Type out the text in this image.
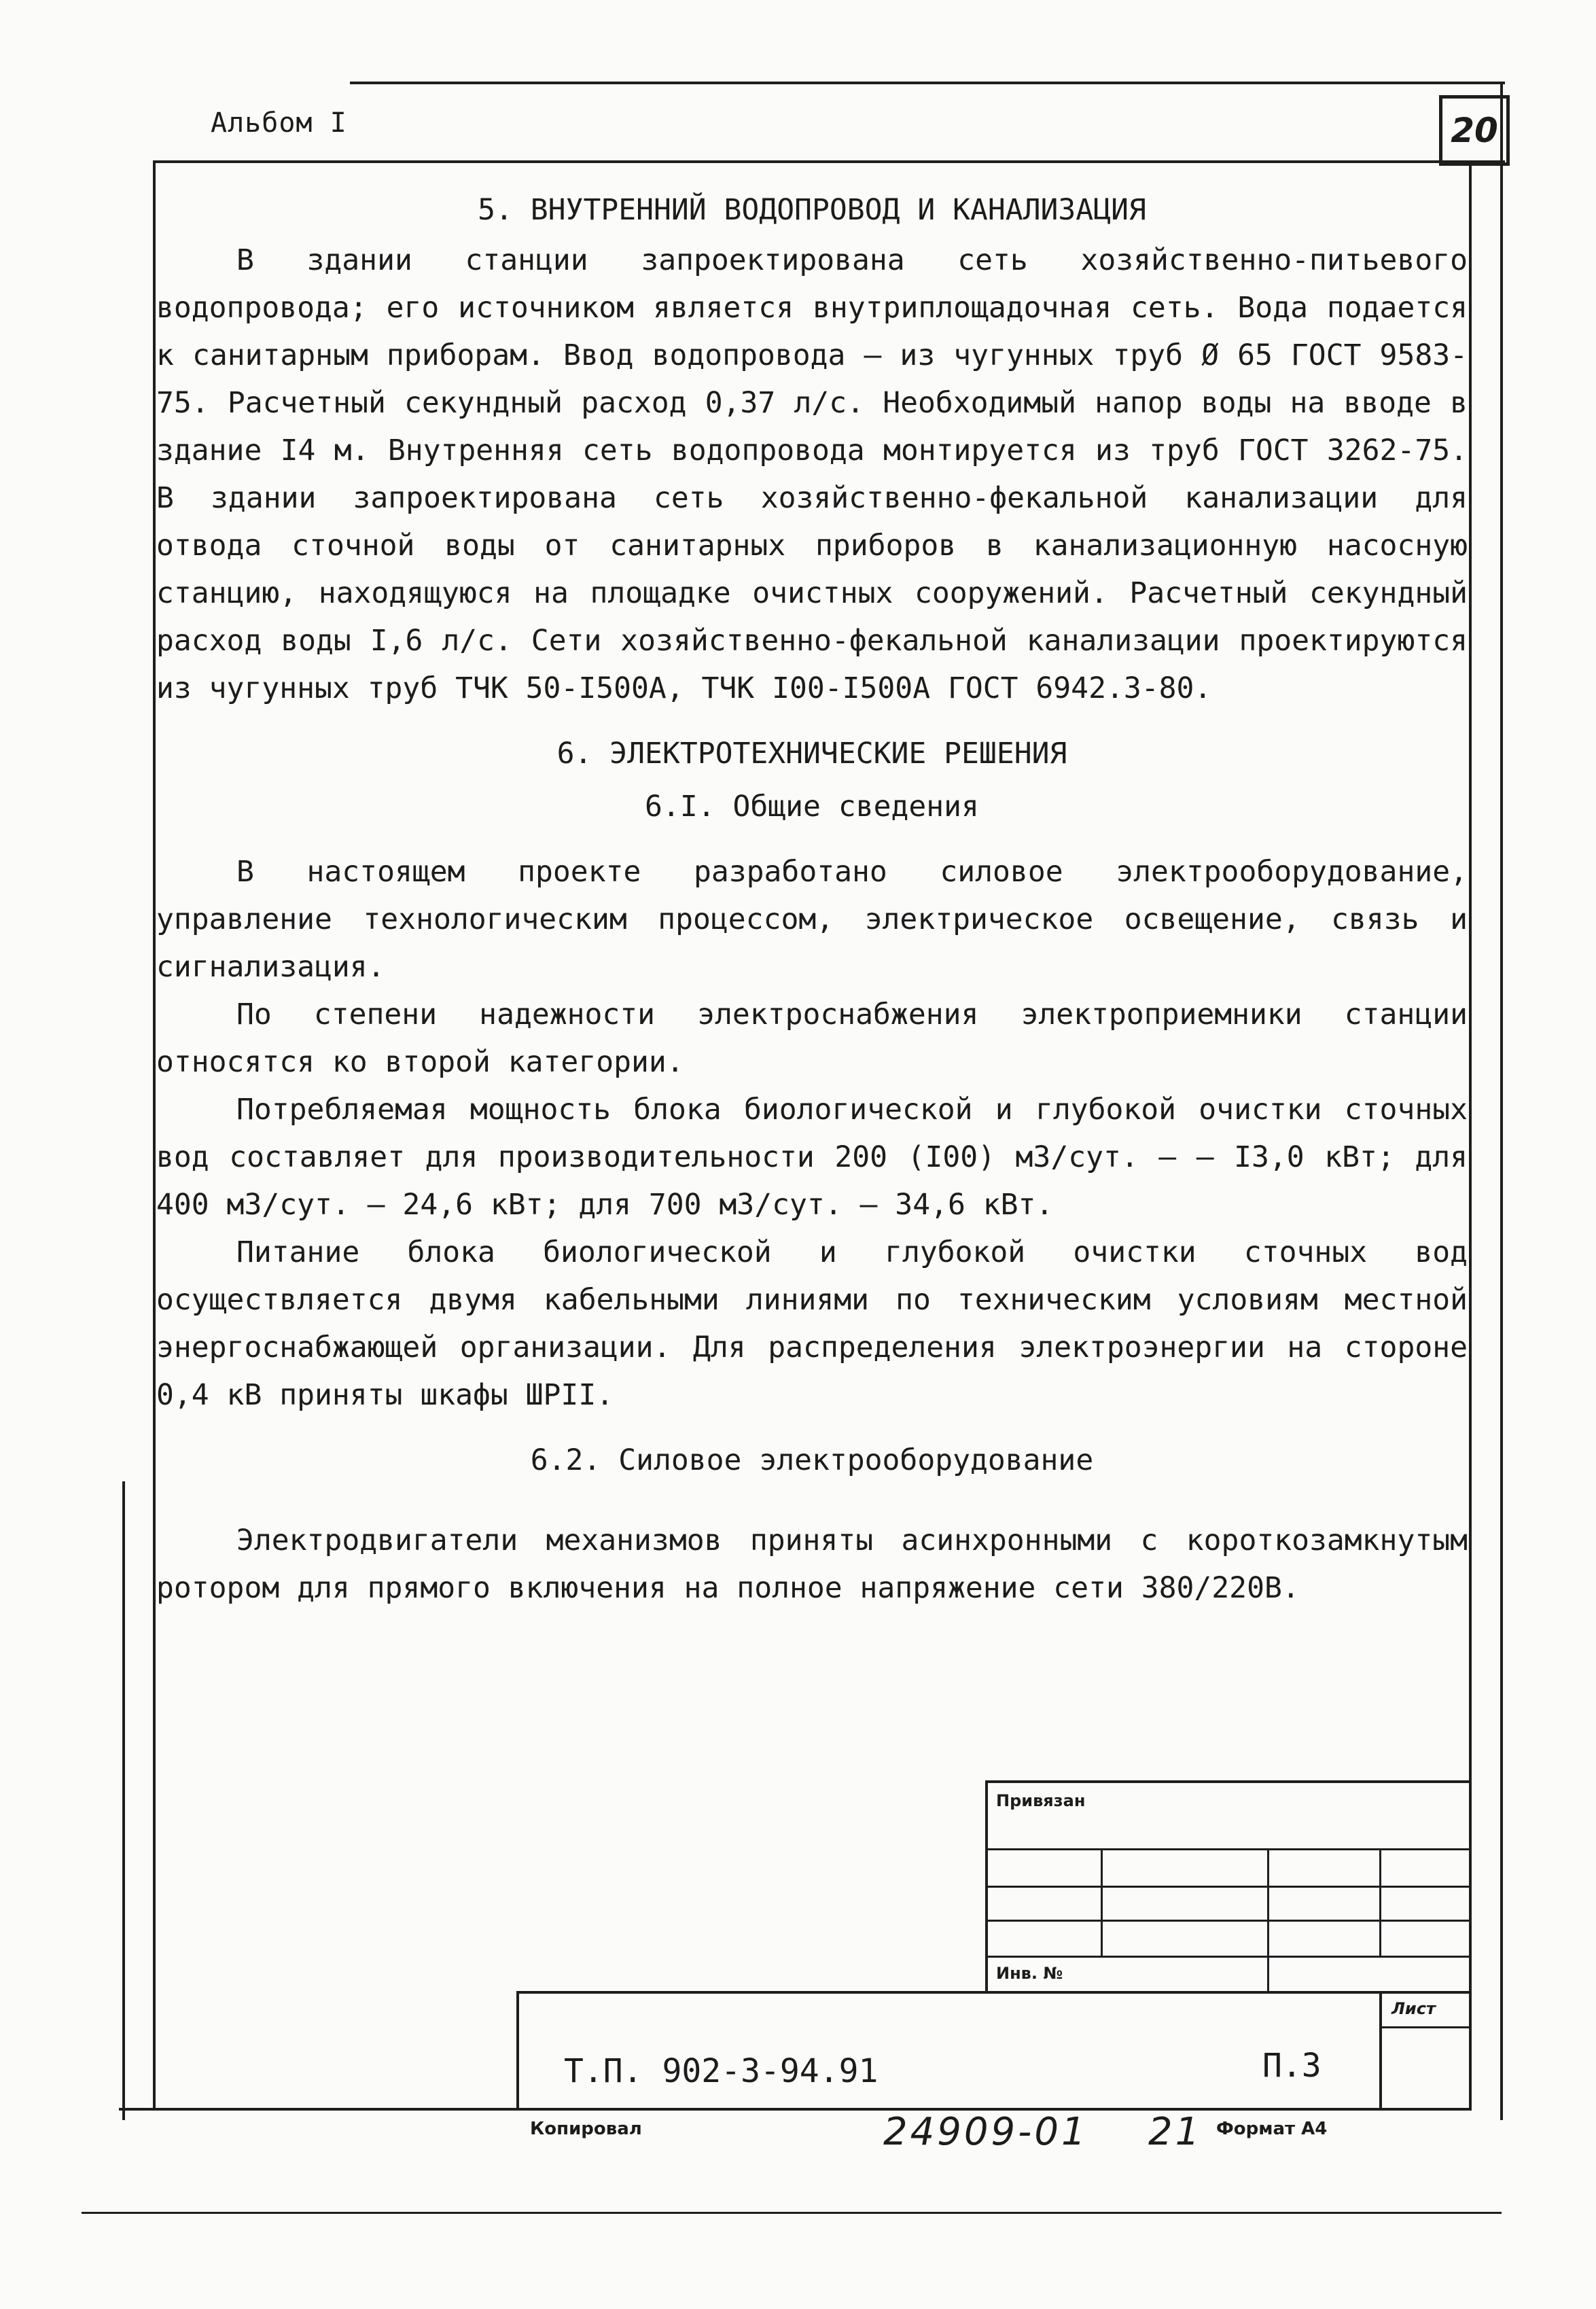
Альбом I	20
5. ВНУТРЕННИЙ ВОДОПРОВОД И КАНАЛИЗАЦИЯ

В здании станции запроектирована сеть хозяйственно-питьевого водопровода; его источником является внутриплощадочная сеть. Вода подается к санитарным приборам. Ввод водопровода – из чугунных труб Ø 65 ГОСТ 9583-75. Расчетный секундный расход 0,37 л/с. Необходимый напор воды на вводе в здание I4 м. Внутренняя сеть водопровода монтируется из труб ГОСТ 3262-75. В здании запроектирована сеть хозяйственно-фекальной канализации для отвода сточной воды от санитарных приборов в канализационную насосную станцию, находящуюся на площадке очистных сооружений. Расчетный секундный расход воды I,6 л/с. Сети хозяйственно-фекальной канализации проектируются из чугунных труб ТЧК 50-I500А, ТЧК I00-I500А ГОСТ 6942.3-80.

6. ЭЛЕКТРОТЕХНИЧЕСКИЕ РЕШЕНИЯ
6.I. Общие сведения

В настоящем проекте разработано силовое электрооборудование, управление технологическим процессом, электрическое освещение, связь и сигнализация.

По степени надежности электроснабжения электроприемники станции относятся ко второй категории.

Потребляемая мощность блока биологической и глубокой очистки сточных вод составляет для производительности 200 (I00) м3/сут. – – I3,0 кВт; для 400 м3/сут. – 24,6 кВт; для 700 м3/сут. – 34,6 кВт.

Питание блока биологической и глубокой очистки сточных вод осуществляется двумя кабельными линиями по техническим условиям местной энергоснабжающей организации. Для распределения электроэнергии на стороне 0,4 кВ приняты шкафы ШРII.

6.2. Силовое электрооборудование

Электродвигатели механизмов приняты асинхронными с короткозамкнутым ротором для прямого включения на полное напряжение сети 380/220В.

Привязан
Инв. №
Лист
Т.П. 902-3-94.91	П.3
Копировал	24909-01 21 Формат А4
